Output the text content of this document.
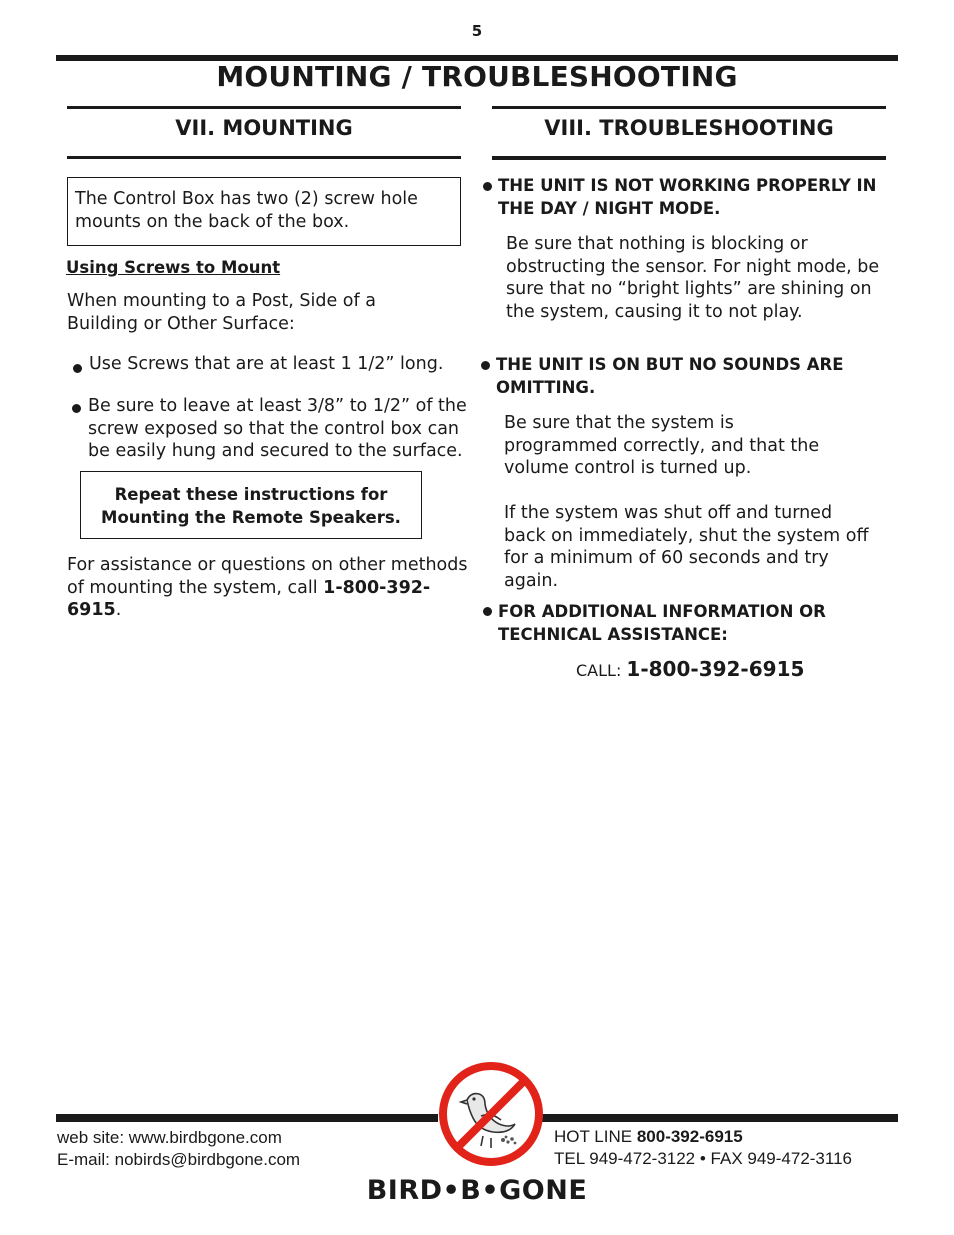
5
MOUNTING / TROUBLESHOOTING
VII. MOUNTING
The Control Box has two (2) screw hole mounts on the back of the box.
Using Screws to Mount
When mounting to a Post, Side of a Building or Other Surface:
Use Screws that are at least 1 1/2” long.
Be sure to leave at least 3/8” to 1/2” of the screw exposed so that the control box can be easily hung and secured to the surface.
Repeat these instructions for Mounting the Remote Speakers.
For assistance or questions on other methods of mounting the system, call 1-800-392-6915.
VIII. TROUBLESHOOTING
THE UNIT IS NOT WORKING PROPERLY IN THE DAY / NIGHT MODE.
Be sure that nothing is blocking or obstructing the sensor. For night mode, be sure that no “bright lights” are shining on the system, causing it to not play.
THE UNIT IS ON BUT NO SOUNDS ARE OMITTING.
Be sure that the system is programmed correctly, and that the volume control is turned up.
If the system was shut off and turned back on immediately, shut the system off for a minimum of 60 seconds and try again.
FOR ADDITIONAL INFORMATION OR TECHNICAL ASSISTANCE:
CALL: 1-800-392-6915
web site: www.birdbgone.com
E-mail: nobirds@birdbgone.com
HOT LINE 800-392-6915
TEL 949-472-3122 • FAX 949-472-3116
BIRD•B•GONE
